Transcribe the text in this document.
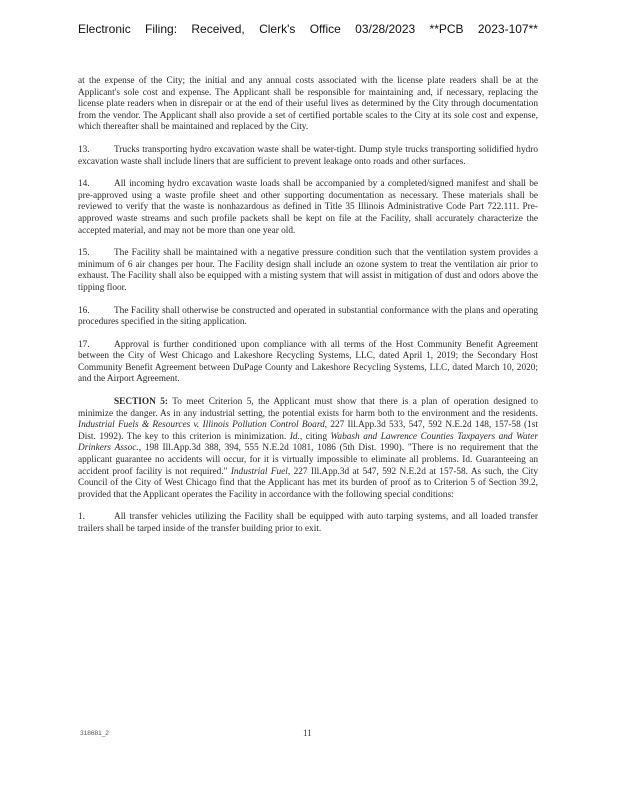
Electronic Filing: Received, Clerk's Office 03/28/2023 **PCB 2023-107**

at the expense of the City; the initial and any annual costs associated with the license plate readers shall be at the Applicant's sole cost and expense. The Applicant shall be responsible for maintaining and, if necessary, replacing the license plate readers when in disrepair or at the end of their useful lives as determined by the City through documentation from the vendor. The Applicant shall also provide a set of certified portable scales to the City at its sole cost and expense, which thereafter shall be maintained and replaced by the City.

13.	Trucks transporting hydro excavation waste shall be water-tight. Dump style trucks transporting solidified hydro excavation waste shall include liners that are sufficient to prevent leakage onto roads and other surfaces.

14.	All incoming hydro excavation waste loads shall be accompanied by a completed/signed manifest and shall be pre-approved using a waste profile sheet and other supporting documentation as necessary. These materials shall be reviewed to verify that the waste is nonhazardous as defined in Title 35 Illinois Administrative Code Part 722.111. Pre-approved waste streams and such profile packets shall be kept on file at the Facility, shall accurately characterize the accepted material, and may not be more than one year old.

15.	The Facility shall be maintained with a negative pressure condition such that the ventilation system provides a minimum of 6 air changes per hour. The Facility design shall include an ozone system to treat the ventilation air prior to exhaust. The Facility shall also be equipped with a misting system that will assist in mitigation of dust and odors above the tipping floor.

16.	The Facility shall otherwise be constructed and operated in substantial conformance with the plans and operating procedures specified in the siting application.

17.	Approval is further conditioned upon compliance with all terms of the Host Community Benefit Agreement between the City of West Chicago and Lakeshore Recycling Systems, LLC, dated April 1, 2019; the Secondary Host Community Benefit Agreement between DuPage County and Lakeshore Recycling Systems, LLC, dated March 10, 2020; and the Airport Agreement.

SECTION 5: To meet Criterion 5, the Applicant must show that there is a plan of operation designed to minimize the danger. As in any industrial setting, the potential exists for harm both to the environment and the residents. Industrial Fuels & Resources v. Illinois Pollution Control Board, 227 Ill.App.3d 533, 547, 592 N.E.2d 148, 157-58 (1st Dist. 1992). The key to this criterion is minimization. Id., citing Wabash and Lawrence Counties Taxpayers and Water Drinkers Assoc., 198 Ill.App.3d 388, 394, 555 N.E.2d 1081, 1086 (5th Dist. 1990). "There is no requirement that the applicant guarantee no accidents will occur, for it is virtually impossible to eliminate all problems. Id. Guaranteeing an accident proof facility is not required." Industrial Fuel, 227 Ill.App.3d at 547, 592 N.E.2d at 157-58. As such, the City Council of the City of West Chicago find that the Applicant has met its burden of proof as to Criterion 5 of Section 39.2, provided that the Applicant operates the Facility in accordance with the following special conditions:

1.	All transfer vehicles utilizing the Facility shall be equipped with auto tarping systems, and all loaded transfer trailers shall be tarped inside of the transfer building prior to exit.

318681_2	11
